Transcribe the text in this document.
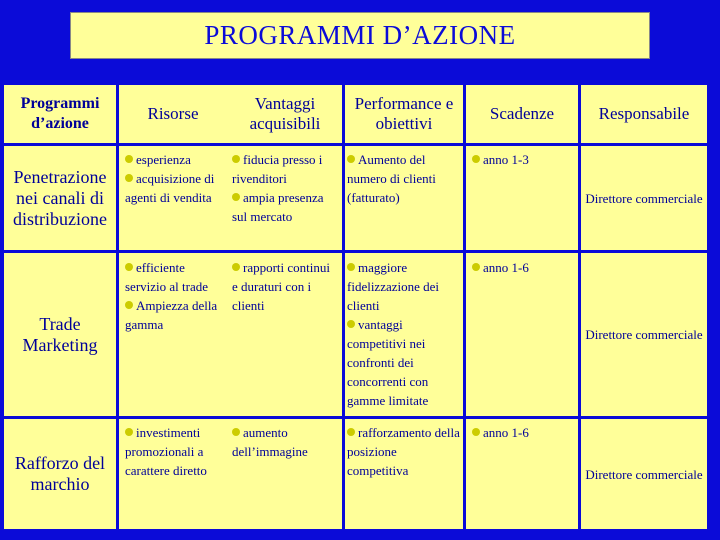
PROGRAMMI D’AZIONE
Programmi d’azione
Risorse
Vantaggi acquisibili
Performance e obiettivi
Scadenze	Responsabile
Penetrazione nei canali di distribuzione

esperienza

acquisizione di agenti di vendita

fiducia presso i rivenditori

ampia presenza sul mercato

Aumento del numero di clienti (fatturato)

anno 1-3

Direttore commerciale
Trade Marketing

efficiente servizio al trade

Ampiezza della gamma

rapporti continui e duraturi con i clienti

maggiore fidelizzazione dei clienti

vantaggi competitivi nei confronti dei concorrenti con gamme limitate

anno 1-6

Direttore commerciale
Rafforzo del marchio

investimenti promozionali a carattere diretto

aumento dell’immagine

rafforzamento della posizione competitiva

anno 1-6

Direttore commerciale
